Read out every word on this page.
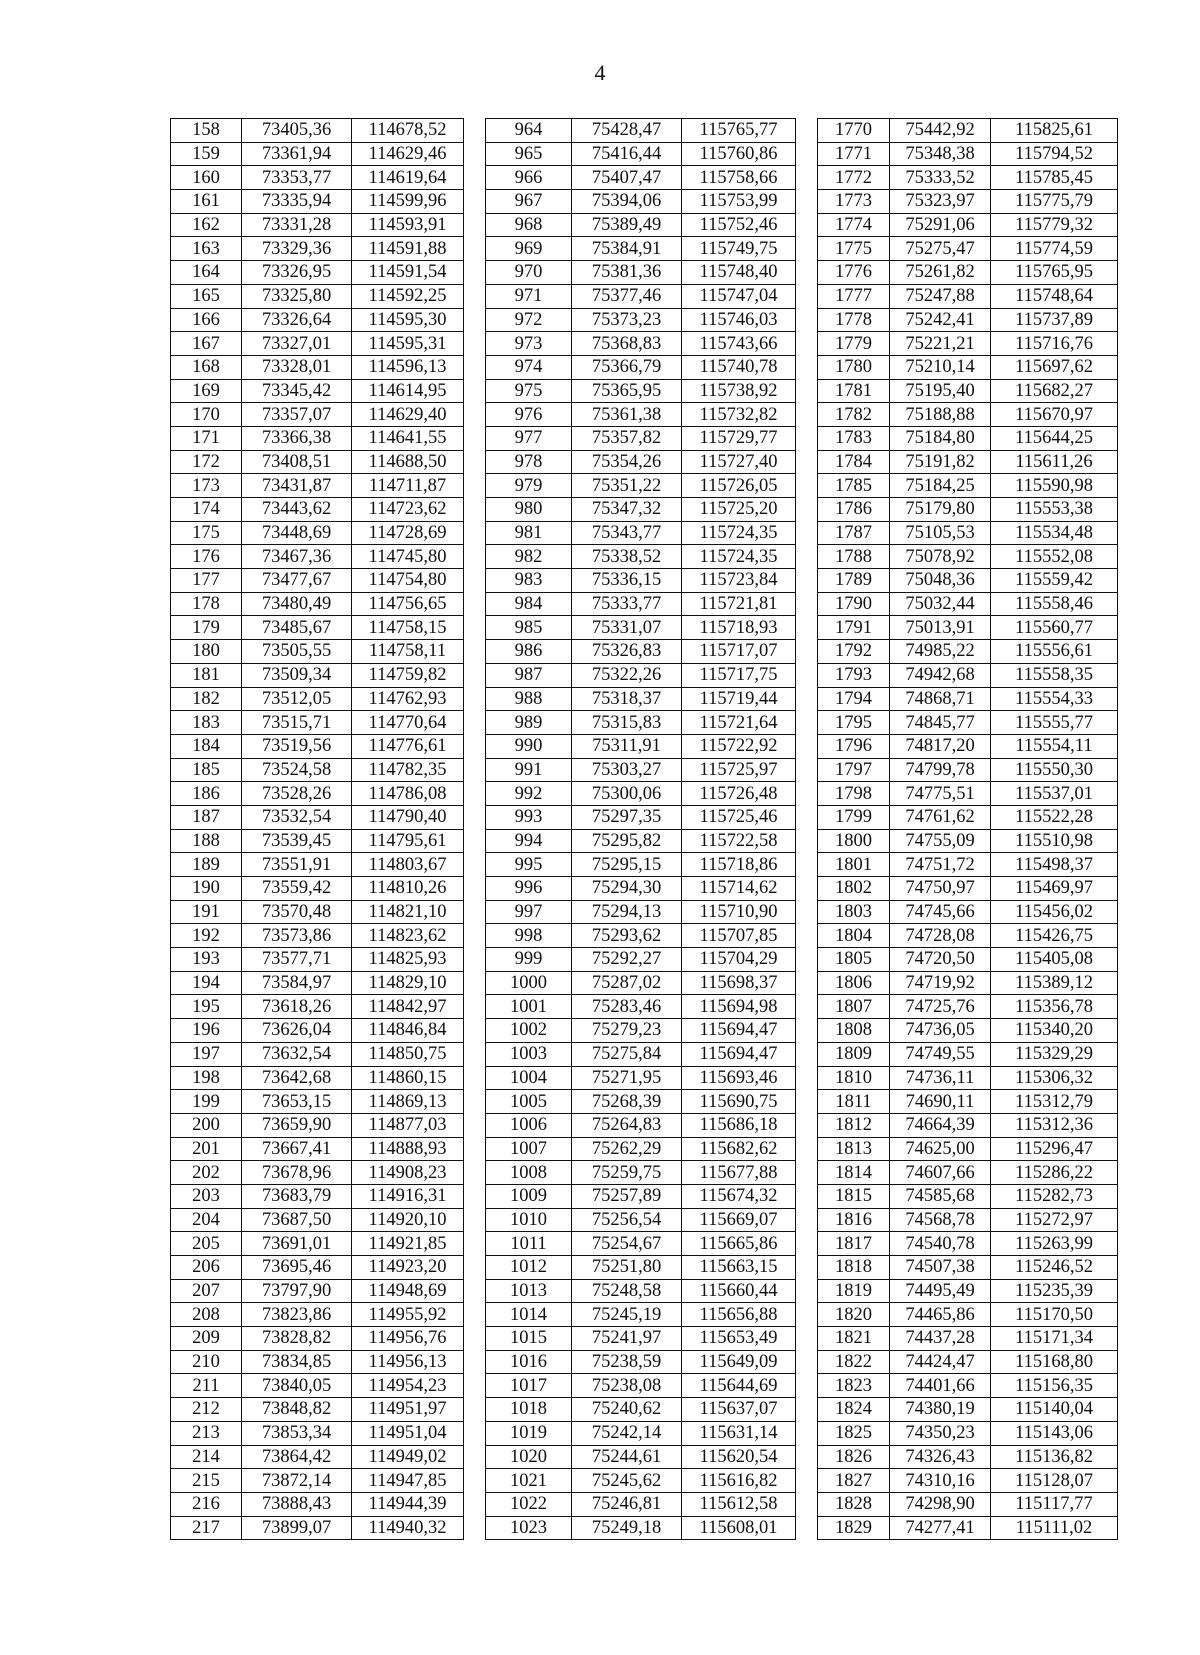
4
158	73405,36	114678,52		964	75428,47	115765,77		1770	75442,92	115825,61
159	73361,94	114629,46		965	75416,44	115760,86		1771	75348,38	115794,52
160	73353,77	114619,64		966	75407,47	115758,66		1772	75333,52	115785,45
161	73335,94	114599,96		967	75394,06	115753,99		1773	75323,97	115775,79
162	73331,28	114593,91		968	75389,49	115752,46		1774	75291,06	115779,32
163	73329,36	114591,88		969	75384,91	115749,75		1775	75275,47	115774,59
164	73326,95	114591,54		970	75381,36	115748,40		1776	75261,82	115765,95
165	73325,80	114592,25		971	75377,46	115747,04		1777	75247,88	115748,64
166	73326,64	114595,30		972	75373,23	115746,03		1778	75242,41	115737,89
167	73327,01	114595,31		973	75368,83	115743,66		1779	75221,21	115716,76
168	73328,01	114596,13		974	75366,79	115740,78		1780	75210,14	115697,62
169	73345,42	114614,95		975	75365,95	115738,92		1781	75195,40	115682,27
170	73357,07	114629,40		976	75361,38	115732,82		1782	75188,88	115670,97
171	73366,38	114641,55		977	75357,82	115729,77		1783	75184,80	115644,25
172	73408,51	114688,50		978	75354,26	115727,40		1784	75191,82	115611,26
173	73431,87	114711,87		979	75351,22	115726,05		1785	75184,25	115590,98
174	73443,62	114723,62		980	75347,32	115725,20		1786	75179,80	115553,38
175	73448,69	114728,69		981	75343,77	115724,35		1787	75105,53	115534,48
176	73467,36	114745,80		982	75338,52	115724,35		1788	75078,92	115552,08
177	73477,67	114754,80		983	75336,15	115723,84		1789	75048,36	115559,42
178	73480,49	114756,65		984	75333,77	115721,81		1790	75032,44	115558,46
179	73485,67	114758,15		985	75331,07	115718,93		1791	75013,91	115560,77
180	73505,55	114758,11		986	75326,83	115717,07		1792	74985,22	115556,61
181	73509,34	114759,82		987	75322,26	115717,75		1793	74942,68	115558,35
182	73512,05	114762,93		988	75318,37	115719,44		1794	74868,71	115554,33
183	73515,71	114770,64		989	75315,83	115721,64		1795	74845,77	115555,77
184	73519,56	114776,61		990	75311,91	115722,92		1796	74817,20	115554,11
185	73524,58	114782,35		991	75303,27	115725,97		1797	74799,78	115550,30
186	73528,26	114786,08		992	75300,06	115726,48		1798	74775,51	115537,01
187	73532,54	114790,40		993	75297,35	115725,46		1799	74761,62	115522,28
188	73539,45	114795,61		994	75295,82	115722,58		1800	74755,09	115510,98
189	73551,91	114803,67		995	75295,15	115718,86		1801	74751,72	115498,37
190	73559,42	114810,26		996	75294,30	115714,62		1802	74750,97	115469,97
191	73570,48	114821,10		997	75294,13	115710,90		1803	74745,66	115456,02
192	73573,86	114823,62		998	75293,62	115707,85		1804	74728,08	115426,75
193	73577,71	114825,93		999	75292,27	115704,29		1805	74720,50	115405,08
194	73584,97	114829,10		1000	75287,02	115698,37		1806	74719,92	115389,12
195	73618,26	114842,97		1001	75283,46	115694,98		1807	74725,76	115356,78
196	73626,04	114846,84		1002	75279,23	115694,47		1808	74736,05	115340,20
197	73632,54	114850,75		1003	75275,84	115694,47		1809	74749,55	115329,29
198	73642,68	114860,15		1004	75271,95	115693,46		1810	74736,11	115306,32
199	73653,15	114869,13		1005	75268,39	115690,75		1811	74690,11	115312,79
200	73659,90	114877,03		1006	75264,83	115686,18		1812	74664,39	115312,36
201	73667,41	114888,93		1007	75262,29	115682,62		1813	74625,00	115296,47
202	73678,96	114908,23		1008	75259,75	115677,88		1814	74607,66	115286,22
203	73683,79	114916,31		1009	75257,89	115674,32		1815	74585,68	115282,73
204	73687,50	114920,10		1010	75256,54	115669,07		1816	74568,78	115272,97
205	73691,01	114921,85		1011	75254,67	115665,86		1817	74540,78	115263,99
206	73695,46	114923,20		1012	75251,80	115663,15		1818	74507,38	115246,52
207	73797,90	114948,69		1013	75248,58	115660,44		1819	74495,49	115235,39
208	73823,86	114955,92		1014	75245,19	115656,88		1820	74465,86	115170,50
209	73828,82	114956,76		1015	75241,97	115653,49		1821	74437,28	115171,34
210	73834,85	114956,13		1016	75238,59	115649,09		1822	74424,47	115168,80
211	73840,05	114954,23		1017	75238,08	115644,69		1823	74401,66	115156,35
212	73848,82	114951,97		1018	75240,62	115637,07		1824	74380,19	115140,04
213	73853,34	114951,04		1019	75242,14	115631,14		1825	74350,23	115143,06
214	73864,42	114949,02		1020	75244,61	115620,54		1826	74326,43	115136,82
215	73872,14	114947,85		1021	75245,62	115616,82		1827	74310,16	115128,07
216	73888,43	114944,39		1022	75246,81	115612,58		1828	74298,90	115117,77
217	73899,07	114940,32		1023	75249,18	115608,01		1829	74277,41	115111,02
